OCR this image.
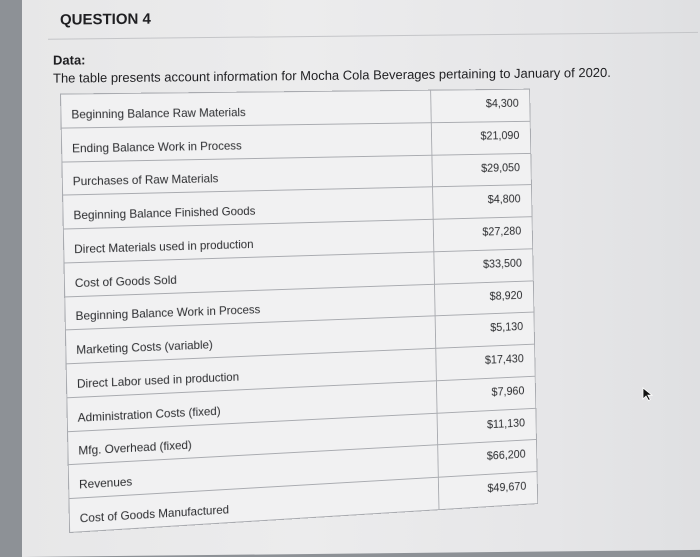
QUESTION 4
Data:
The table presents account information for Mocha Cola Beverages pertaining to January of 2020.
Beginning Balance Raw Materials	$4,300
Ending Balance Work in Process	$21,090
Purchases of Raw Materials	$29,050
Beginning Balance Finished Goods	$4,800
Direct Materials used in production	$27,280
Cost of Goods Sold	$33,500
Beginning Balance Work in Process	$8,920
Marketing Costs (variable)	$5,130
Direct Labor used in production	$17,430
Administration Costs (fixed)	$7,960
Mfg. Overhead (fixed)	$11,130
Revenues	$66,200
Cost of Goods Manufactured	$49,670
